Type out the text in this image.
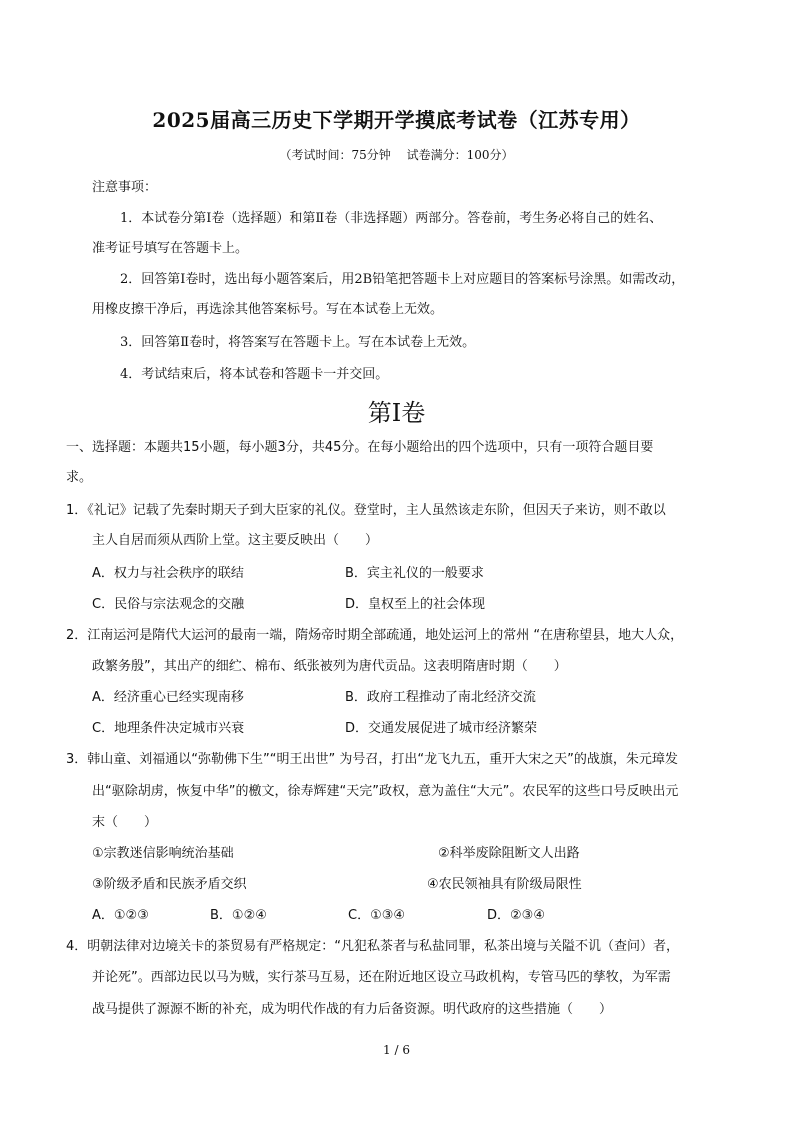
2025届高三历史下学期开学摸底考试卷（江苏专用）
（考试时间：75分钟　 试卷满分：100分）
注意事项：
1．本试卷分第Ⅰ卷（选择题）和第Ⅱ卷（非选择题）两部分。答卷前，考生务必将自己的姓名、
准考证号填写在答题卡上。
2．回答第Ⅰ卷时，选出每小题答案后，用2B铅笔把答题卡上对应题目的答案标号涂黑。如需改动，
用橡皮擦干净后，再选涂其他答案标号。写在本试卷上无效。
3．回答第Ⅱ卷时，将答案写在答题卡上。写在本试卷上无效。
4．考试结束后，将本试卷和答题卡一并交回。
第Ⅰ卷
一、选择题：本题共15小题，每小题3分，共45分。在每小题给出的四个选项中，只有一项符合题目要
求。
1．《礼记》记载了先秦时期天子到大臣家的礼仪。登堂时，主人虽然该走东阶，但因天子来访，则不敢以
主人自居而须从西阶上堂。这主要反映出（　　）
A．权力与社会秩序的联结	B．宾主礼仪的一般要求
C．民俗与宗法观念的交融	D．皇权至上的社会体现
2．江南运河是隋代大运河的最南一端，隋炀帝时期全部疏通，地处运河上的常州 “在唐称望县，地大人众，
政繁务殷”，其出产的细纻、棉布、纸张被列为唐代贡品。这表明隋唐时期（　　）
A．经济重心已经实现南移	B．政府工程推动了南北经济交流
C．地理条件决定城市兴衰	D．交通发展促进了城市经济繁荣
3．韩山童、刘福通以“弥勒佛下生”“明王出世” 为号召，打出“龙飞九五，重开大宋之天”的战旗，朱元璋发
出“驱除胡虏，恢复中华”的檄文，徐寿辉建“天完”政权，意为盖住“大元”。农民军的这些口号反映出元
末（　　）
①宗教迷信影响统治基础	②科举废除阻断文人出路
③阶级矛盾和民族矛盾交织	④农民领袖具有阶级局限性
A．①②③	B．①②④	C．①③④	D．②③④
4．明朝法律对边境关卡的茶贸易有严格规定：“凡犯私茶者与私盐同罪，私茶出境与关隘不讥（查问）者，
并论死”。西部边民以马为贼，实行茶马互易，还在附近地区设立马政机构，专管马匹的孳牧，为军需
战马提供了源源不断的补充，成为明代作战的有力后备资源。明代政府的这些措施（　　）
1 / 6
